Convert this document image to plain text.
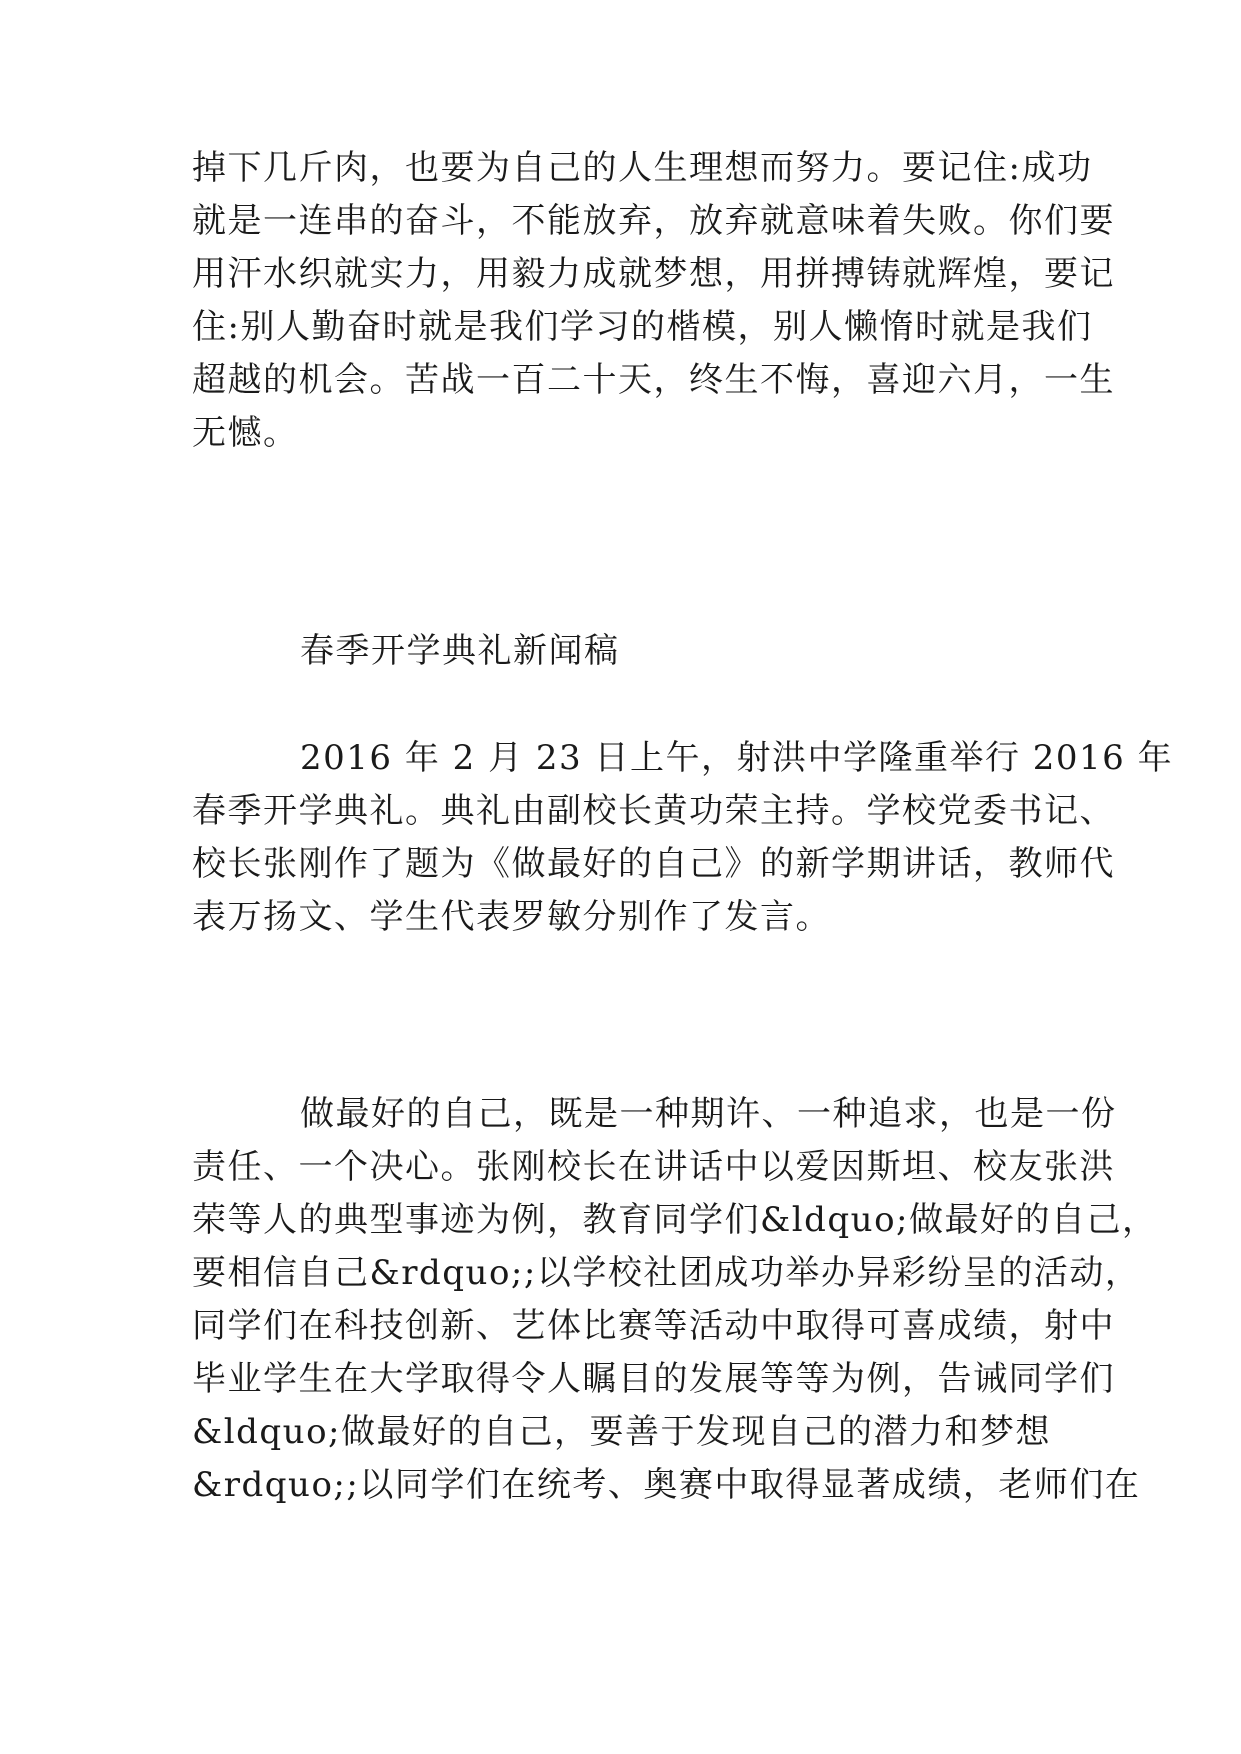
掉下几斤肉，也要为自己的人生理想而努力。要记住:成功
就是一连串的奋斗，不能放弃，放弃就意味着失败。你们要
用汗水织就实力，用毅力成就梦想，用拼搏铸就辉煌，要记
住:别人勤奋时就是我们学习的楷模，别人懒惰时就是我们
超越的机会。苦战一百二十天，终生不悔，喜迎六月，一生
无憾。
春季开学典礼新闻稿
2016 年 2 月 23 日上午，射洪中学隆重举行 2016 年
春季开学典礼。典礼由副校长黄功荣主持。学校党委书记、
校长张刚作了题为《做最好的自己》的新学期讲话，教师代
表万扬文、学生代表罗敏分别作了发言。
做最好的自己，既是一种期许、一种追求，也是一份
责任、一个决心。张刚校长在讲话中以爱因斯坦、校友张洪
荣等人的典型事迹为例，教育同学们&ldquo;做最好的自己，
要相信自己&rdquo;;以学校社团成功举办异彩纷呈的活动，
同学们在科技创新、艺体比赛等活动中取得可喜成绩，射中
毕业学生在大学取得令人瞩目的发展等等为例，告诫同学们
&ldquo;做最好的自己，要善于发现自己的潜力和梦想
&rdquo;;以同学们在统考、奥赛中取得显著成绩，老师们在
